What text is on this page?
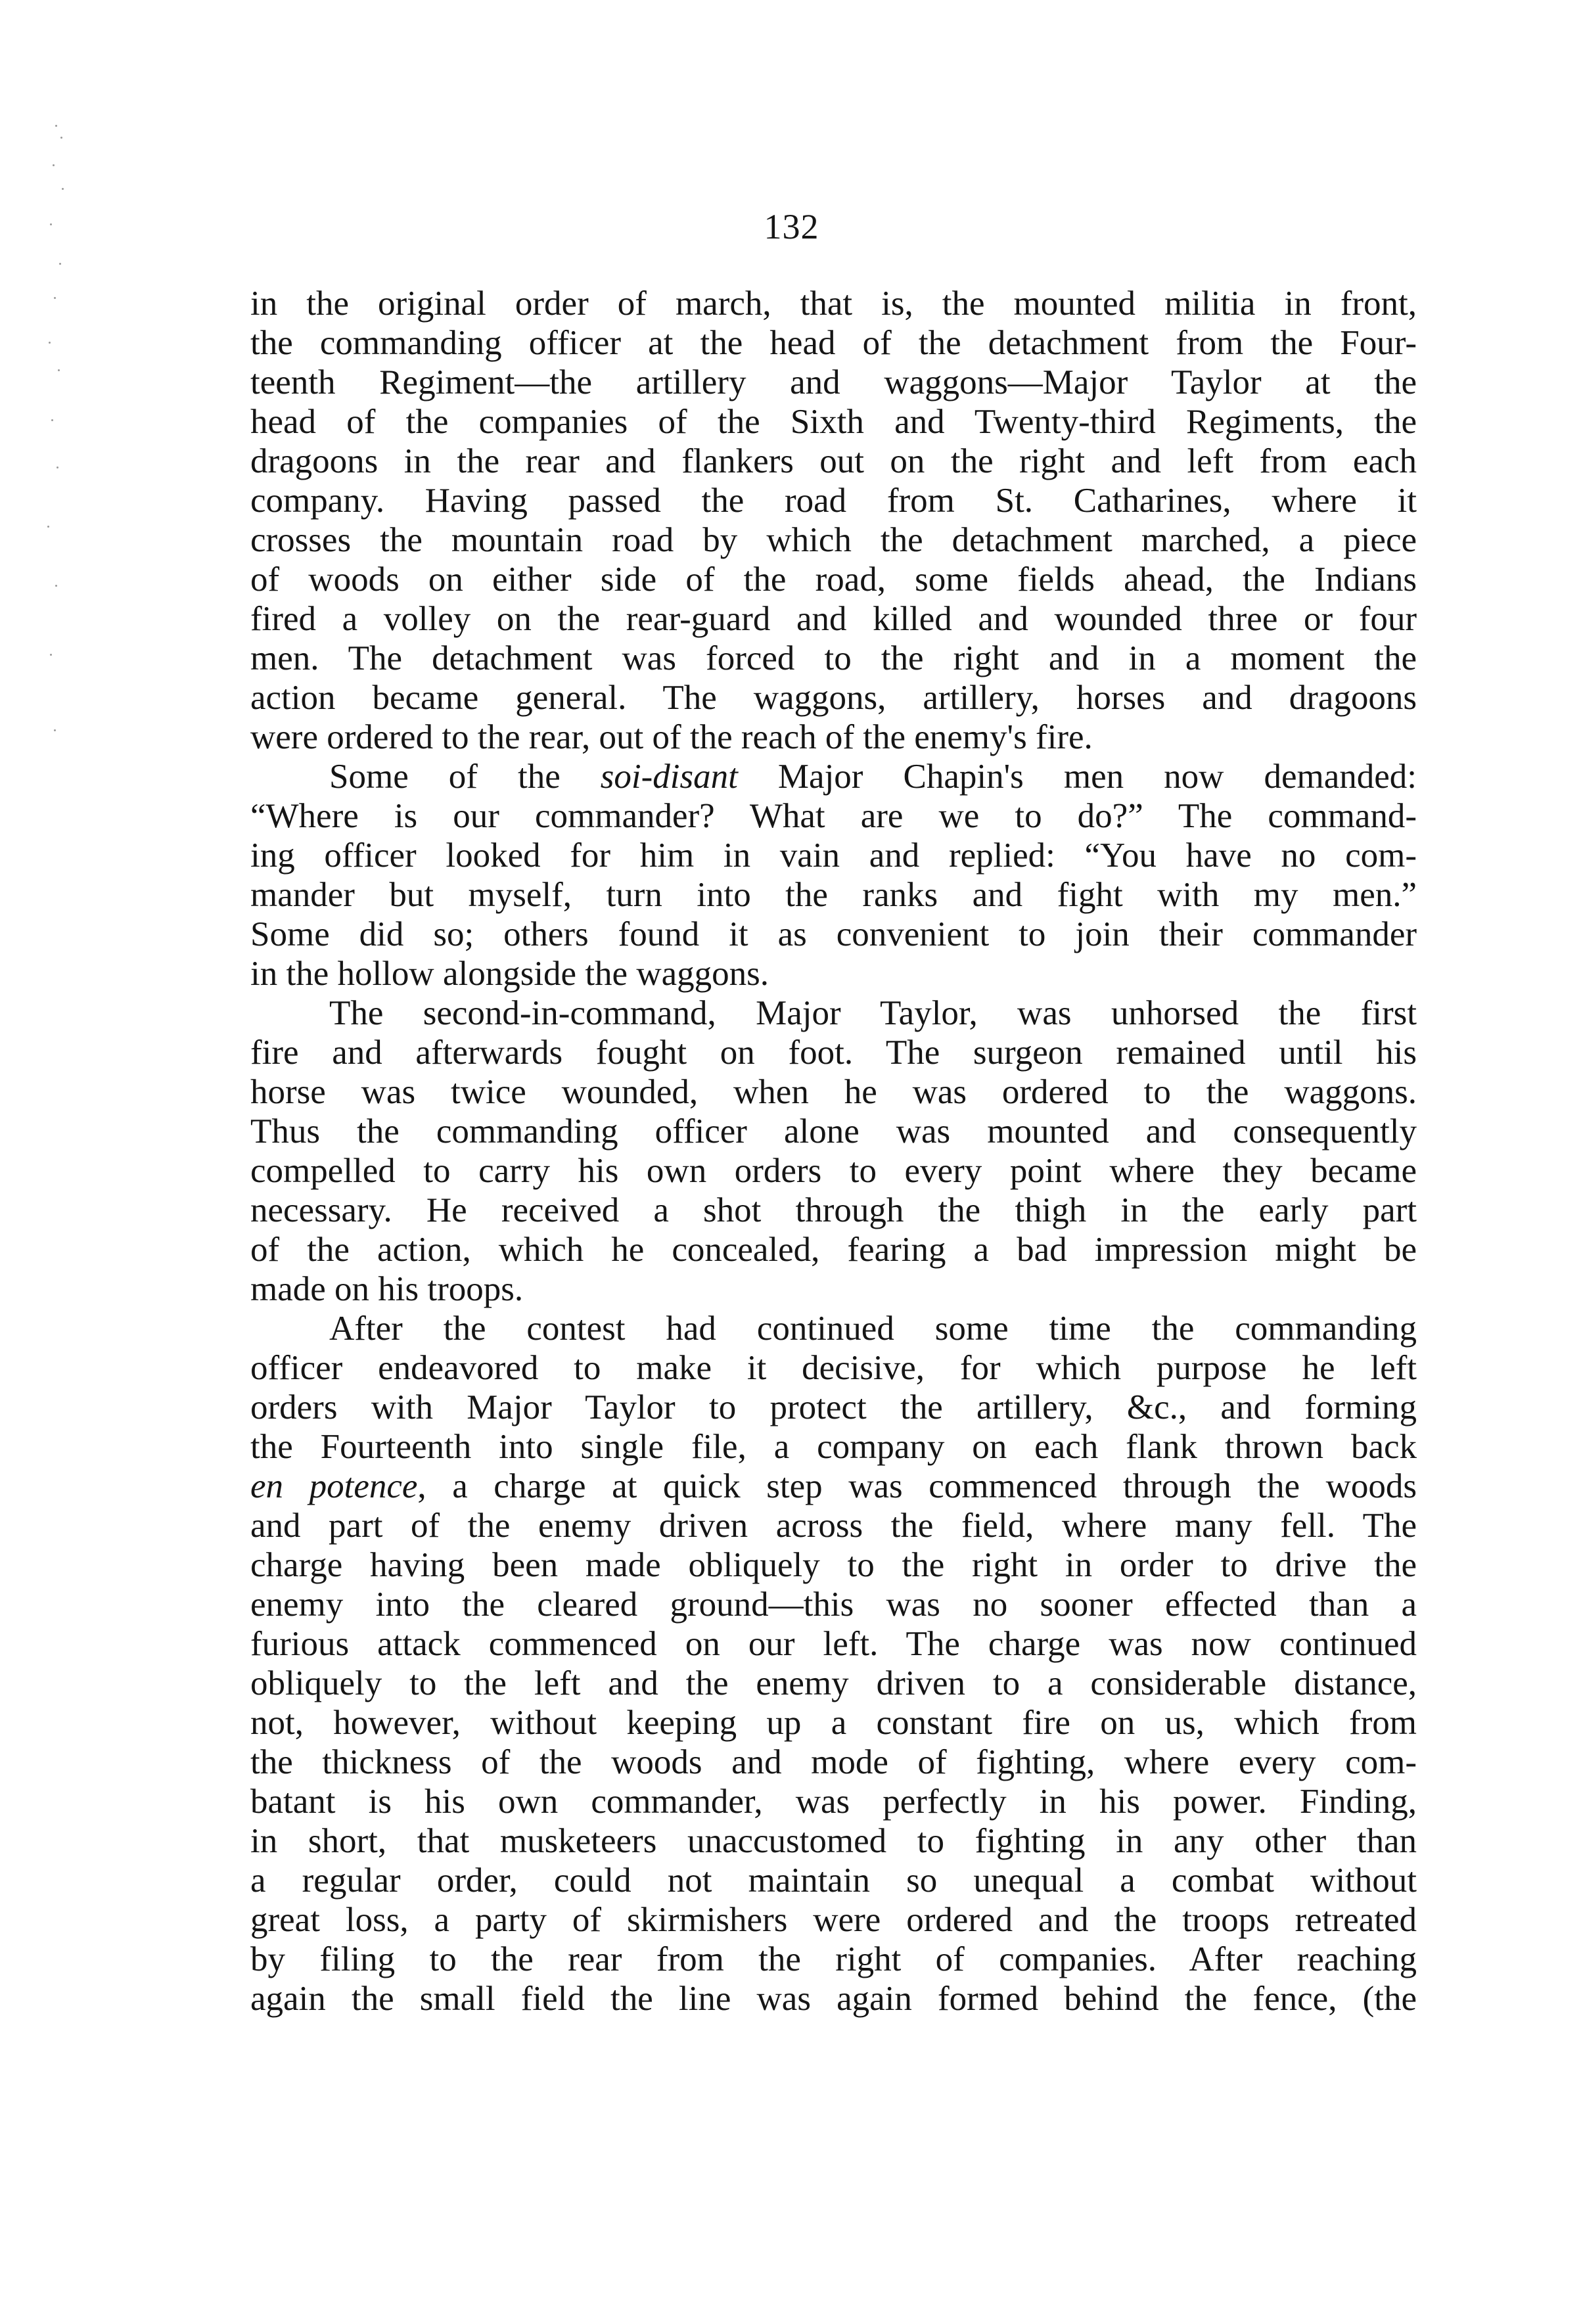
132
in the original order of march, that is, the mounted militia in front,
the commanding officer at the head of the detachment from the Four-
teenth Regiment—the artillery and waggons—Major Taylor at the
head of the companies of the Sixth and Twenty-third Regiments, the
dragoons in the rear and flankers out on the right and left from each
company. Having passed the road from St. Catharines, where it
crosses the mountain road by which the detachment marched, a piece
of woods on either side of the road, some fields ahead, the Indians
fired a volley on the rear-guard and killed and wounded three or four
men. The detachment was forced to the right and in a moment the
action became general. The waggons, artillery, horses and dragoons
were ordered to the rear, out of the reach of the enemy's fire.
Some of the soi-disant Major Chapin's men now demanded:
“Where is our commander? What are we to do?” The command-
ing officer looked for him in vain and replied: “You have no com-
mander but myself, turn into the ranks and fight with my men.”
Some did so; others found it as convenient to join their commander
in the hollow alongside the waggons.
The second-in-command, Major Taylor, was unhorsed the first
fire and afterwards fought on foot. The surgeon remained until his
horse was twice wounded, when he was ordered to the waggons.
Thus the commanding officer alone was mounted and consequently
compelled to carry his own orders to every point where they became
necessary. He received a shot through the thigh in the early part
of the action, which he concealed, fearing a bad impression might be
made on his troops.
After the contest had continued some time the commanding
officer endeavored to make it decisive, for which purpose he left
orders with Major Taylor to protect the artillery, &c., and forming
the Fourteenth into single file, a company on each flank thrown back
en potence, a charge at quick step was commenced through the woods
and part of the enemy driven across the field, where many fell. The
charge having been made obliquely to the right in order to drive the
enemy into the cleared ground—this was no sooner effected than a
furious attack commenced on our left. The charge was now continued
obliquely to the left and the enemy driven to a considerable distance,
not, however, without keeping up a constant fire on us, which from
the thickness of the woods and mode of fighting, where every com-
batant is his own commander, was perfectly in his power. Finding,
in short, that musketeers unaccustomed to fighting in any other than
a regular order, could not maintain so unequal a combat without
great loss, a party of skirmishers were ordered and the troops retreated
by filing to the rear from the right of companies. After reaching
again the small field the line was again formed behind the fence, (the
